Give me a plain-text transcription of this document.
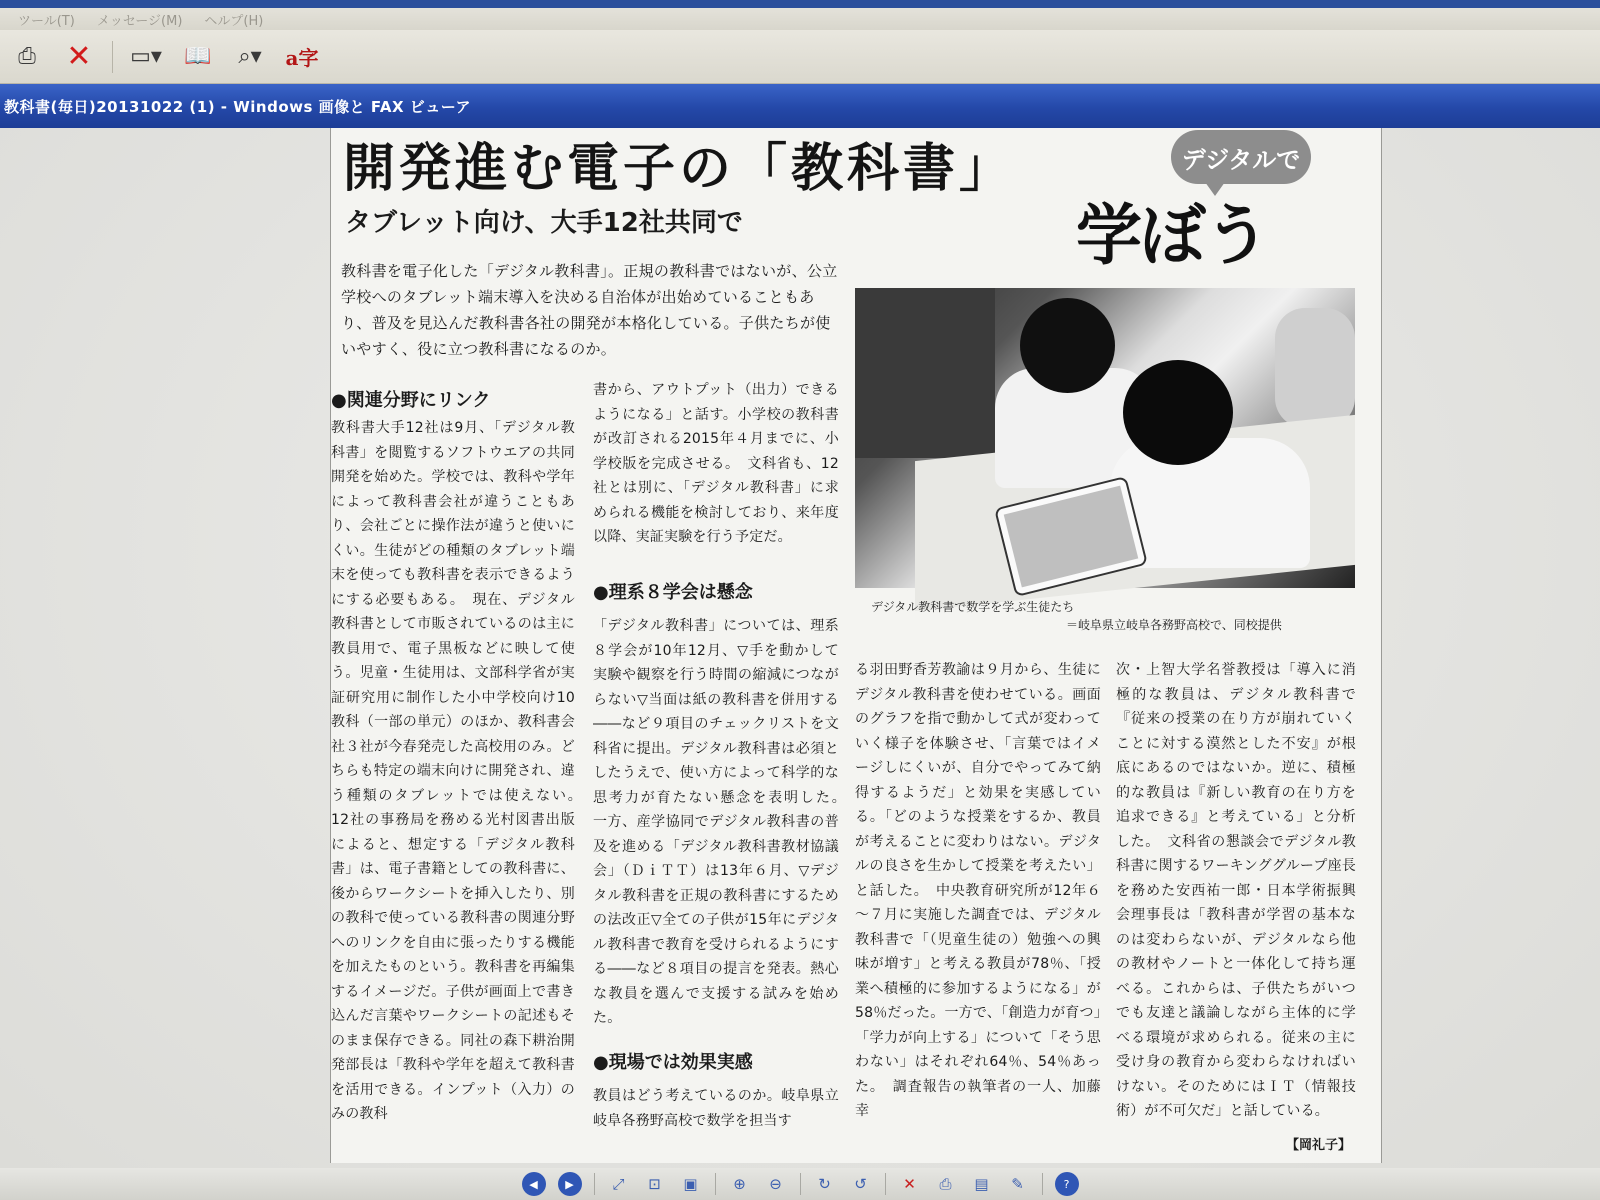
ツール(T) メッセージ(M) ヘルプ(H)
⎙	✕ ▭▾ 📖	⌕▾	a字
教科書(毎日)20131022 (1) - Windows 画像と FAX ビューア
開発進む電子の「教科書」
タブレット向け、大手12社共同で
デジタルで
学ぼう
教科書を電子化した「デジタル教科書」。正規の教科書ではないが、公立学校へのタブレット端末導入を決める自治体が出始めていることもあり、普及を見込んだ教科書各社の開発が本格化している。子供たちが使いやすく、役に立つ教科書になるのか。
●関連分野にリンク
教科書大手12社は9月、「デジタル教科書」を閲覧するソフトウエアの共同開発を始めた。学校では、教科や学年によって教科書会社が違うこともあり、会社ごとに操作法が違うと使いにくい。生徒がどの種類のタブレット端末を使っても教科書を表示できるようにする必要もある。　現在、デジタル教科書として市販されているのは主に教員用で、電子黒板などに映して使う。児童・生徒用は、文部科学省が実証研究用に制作した小中学校向け10教科（一部の単元）のほか、教科書会社３社が今春発売した高校用のみ。どちらも特定の端末向けに開発され、違う種類のタブレットでは使えない。　12社の事務局を務める光村図書出版によると、想定する「デジタル教科書」は、電子書籍としての教科書に、後からワークシートを挿入したり、別の教科で使っている教科書の関連分野へのリンクを自由に張ったりする機能を加えたものという。教科書を再編集するイメージだ。子供が画面上で書き込んだ言葉やワークシートの記述もそのまま保存できる。同社の森下耕治開発部長は「教科や学年を超えて教科書を活用できる。インプット（入力）のみの教科
書から、アウトプット（出力）できるようになる」と話す。小学校の教科書が改訂される2015年４月までに、小学校版を完成させる。　文科省も、12社とは別に、「デジタル教科書」に求められる機能を検討しており、来年度以降、実証実験を行う予定だ。
●理系８学会は懸念
「デジタル教科書」については、理系８学会が10年12月、▽手を動かして実験や観察を行う時間の縮減につながらない▽当面は紙の教科書を併用する――など９項目のチェックリストを文科省に提出。デジタル教科書は必須としたうえで、使い方によって科学的な思考力が育たない懸念を表明した。　一方、産学協同でデジタル教科書の普及を進める「デジタル教科書教材協議会」（ＤｉＴＴ）は13年６月、▽デジタル教科書を正規の教科書にするための法改正▽全ての子供が15年にデジタル教科書で教育を受けられるようにする――など８項目の提言を発表。熱心な教員を選んで支援する試みを始めた。
●現場では効果実感
教員はどう考えているのか。岐阜県立岐阜各務野高校で数学を担当す
デジタル教科書で数学を学ぶ生徒たち
＝岐阜県立岐阜各務野高校で、同校提供
る羽田野香芳教諭は９月から、生徒にデジタル教科書を使わせている。画面のグラフを指で動かして式が変わっていく様子を体験させ、「言葉ではイメージしにくいが、自分でやってみて納得するようだ」と効果を実感している。「どのような授業をするか、教員が考えることに変わりはない。デジタルの良さを生かして授業を考えたい」と話した。　中央教育研究所が12年６～７月に実施した調査では、デジタル教科書で「（児童生徒の）勉強への興味が増す」と考える教員が78％、「授業へ積極的に参加するようになる」が58％だった。一方で、「創造力が育つ」「学力が向上する」について「そう思わない」はそれぞれ64％、54％あった。　調査報告の執筆者の一人、加藤幸
次・上智大学名誉教授は「導入に消極的な教員は、デジタル教科書で『従来の授業の在り方が崩れていくことに対する漠然とした不安』が根底にあるのではないか。逆に、積極的な教員は『新しい教育の在り方を追求できる』と考えている」と分析した。　文科省の懇談会でデジタル教科書に関するワーキンググループ座長を務めた安西祐一郎・日本学術振興会理事長は「教科書が学習の基本なのは変わらないが、デジタルなら他の教材やノートと一体化して持ち運べる。これからは、子供たちがいつでも友達と議論しながら主体的に学べる環境が求められる。従来の主に受け身の教育から変わらなければいけない。そのためにはＩＴ（情報技術）が不可欠だ」と話している。
【岡礼子】
◀	▶	⤢	⊡	▣	⊕	⊖	↻	↺	✕	⎙	▤	✎	?
